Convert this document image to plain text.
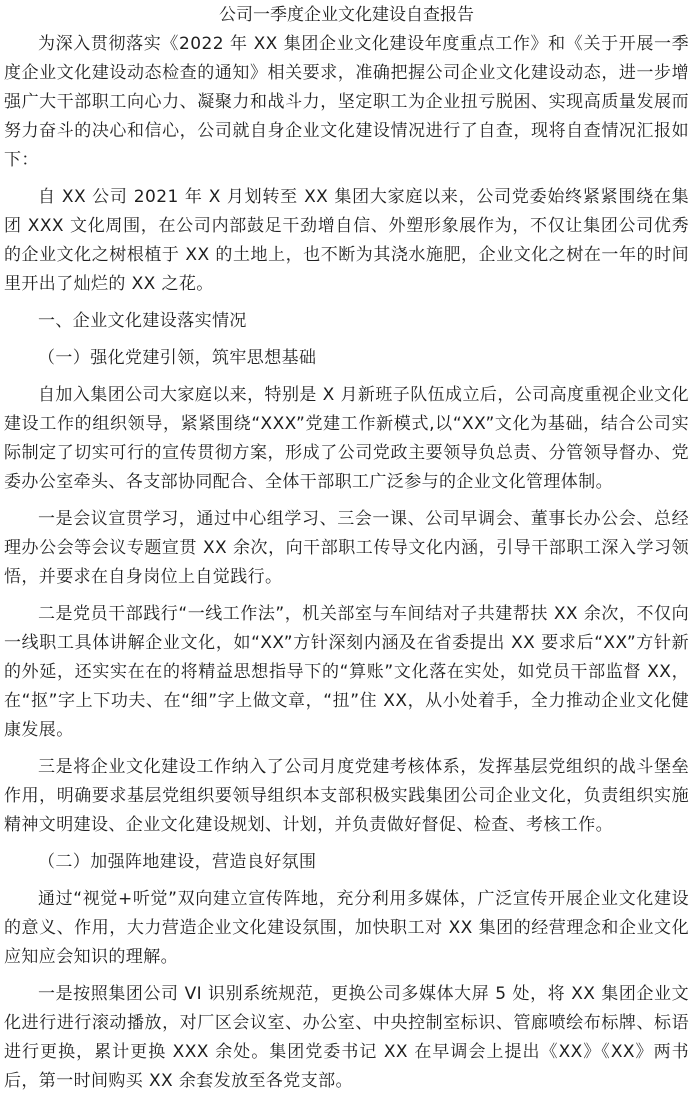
公司一季度企业文化建设自查报告

为深入贯彻落实《2022 年 XX 集团企业文化建设年度重点工作》和《关于开展一季度企业文化建设动态检查的通知》相关要求，准确把握公司企业文化建设动态，进一步增强广大干部职工向心力、凝聚力和战斗力，坚定职工为企业扭亏脱困、实现高质量发展而努力奋斗的决心和信心，公司就自身企业文化建设情况进行了自查，现将自查情况汇报如下：

自 XX 公司 2021 年 X 月划转至 XX 集团大家庭以来，公司党委始终紧紧围绕在集团 XXX 文化周围，在公司内部鼓足干劲增自信、外塑形象展作为，不仅让集团公司优秀的企业文化之树根植于 XX 的土地上，也不断为其浇水施肥，企业文化之树在一年的时间里开出了灿烂的 XX 之花。

一、企业文化建设落实情况

（一）强化党建引领，筑牢思想基础

自加入集团公司大家庭以来，特别是 X 月新班子队伍成立后，公司高度重视企业文化建设工作的组织领导，紧紧围绕“XXX”党建工作新模式,以“XX”文化为基础，结合公司实际制定了切实可行的宣传贯彻方案，形成了公司党政主要领导负总责、分管领导督办、党委办公室牵头、各支部协同配合、全体干部职工广泛参与的企业文化管理体制。

一是会议宣贯学习，通过中心组学习、三会一课、公司早调会、董事长办公会、总经理办公会等会议专题宣贯 XX 余次，向干部职工传导文化内涵，引导干部职工深入学习领悟，并要求在自身岗位上自觉践行。

二是党员干部践行“一线工作法”，机关部室与车间结对子共建帮扶 XX 余次，不仅向一线职工具体讲解企业文化，如“XX”方针深刻内涵及在省委提出 XX 要求后“XX”方针新的外延，还实实在在的将精益思想指导下的“算账”文化落在实处，如党员干部监督 XX，在“抠”字上下功夫、在“细”字上做文章，“扭”住 XX，从小处着手，全力推动企业文化健康发展。

三是将企业文化建设工作纳入了公司月度党建考核体系，发挥基层党组织的战斗堡垒作用，明确要求基层党组织要领导组织本支部积极实践集团公司企业文化，负责组织实施精神文明建设、企业文化建设规划、计划，并负责做好督促、检查、考核工作。

（二）加强阵地建设，营造良好氛围

通过“视觉+听觉”双向建立宣传阵地，充分利用多媒体，广泛宣传开展企业文化建设的意义、作用，大力营造企业文化建设氛围，加快职工对 XX 集团的经营理念和企业文化应知应会知识的理解。

一是按照集团公司 VI 识别系统规范，更换公司多媒体大屏 5 处，将 XX 集团企业文化进行进行滚动播放，对厂区会议室、办公室、中央控制室标识、管廊喷绘布标牌、标语进行更换，累计更换 XXX 余处。集团党委书记 XX 在早调会上提出《XX》《XX》两书后，第一时间购买 XX 余套发放至各党支部。
